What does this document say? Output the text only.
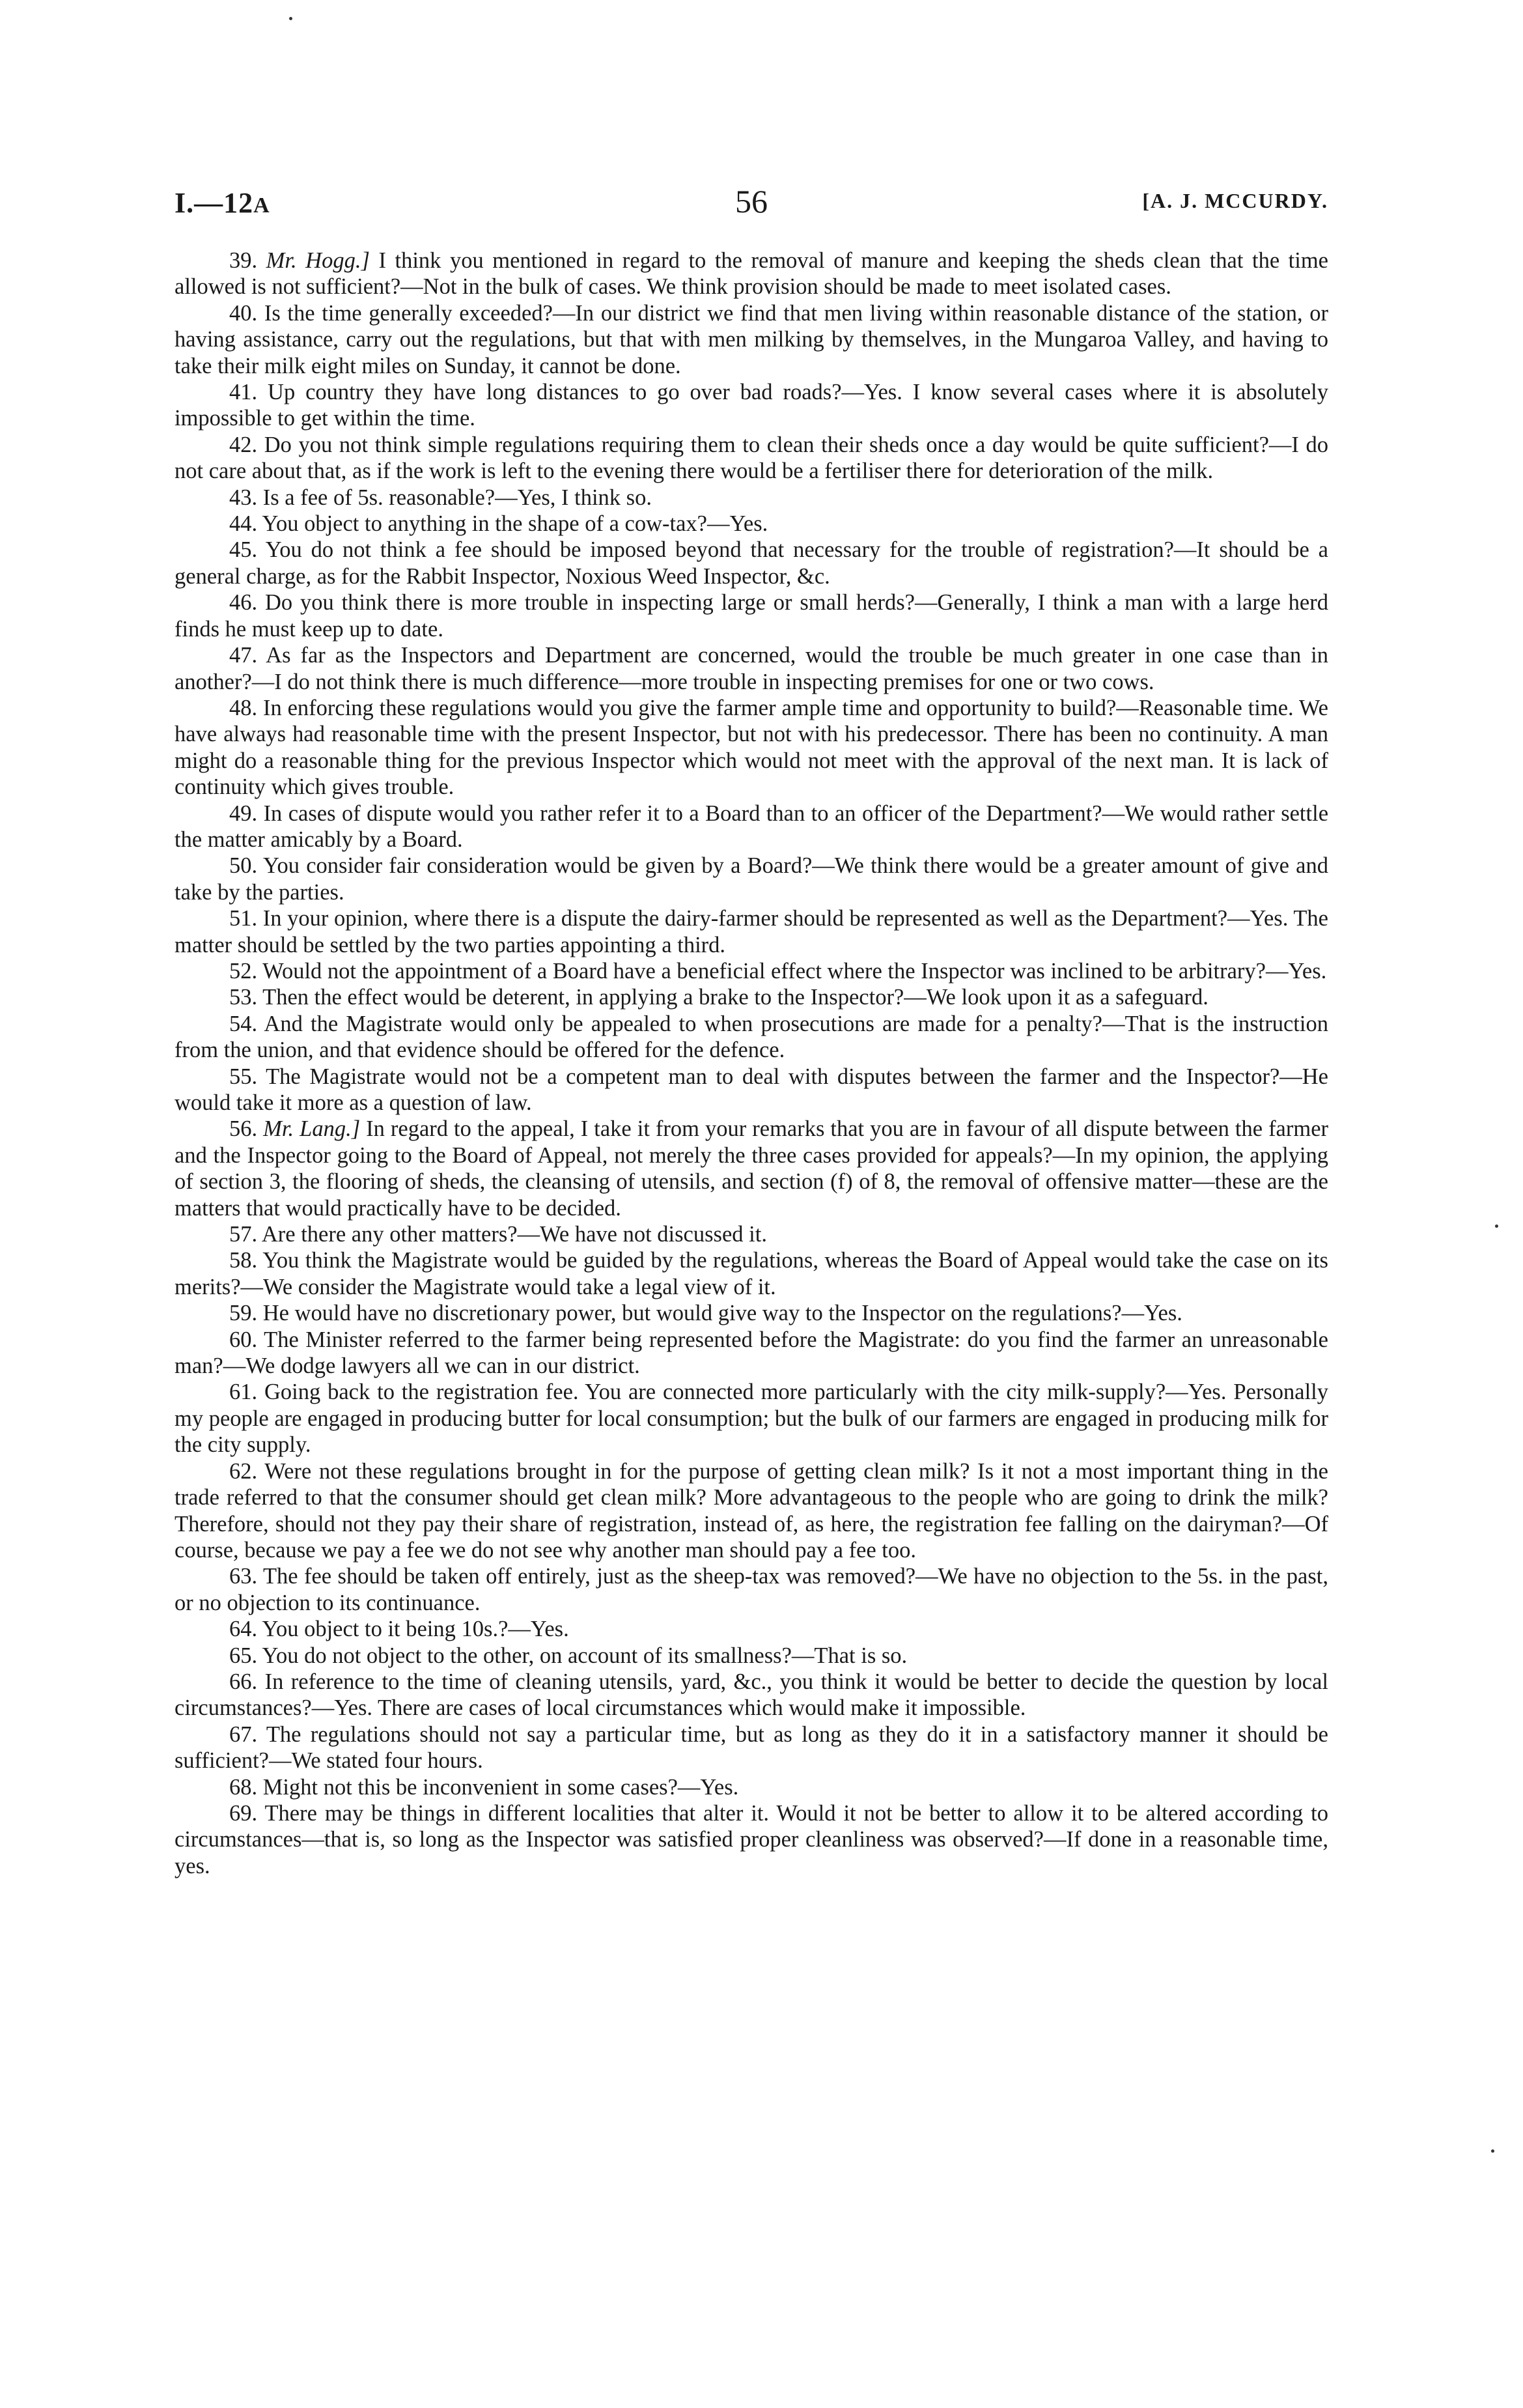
I.—12A	56	[A. J. MCCURDY.

39. Mr. Hogg.] I think you mentioned in regard to the removal of manure and keeping the sheds clean that the time allowed is not sufficient?—Not in the bulk of cases. We think provision should be made to meet isolated cases.

40. Is the time generally exceeded?—In our district we find that men living within reasonable distance of the station, or having assistance, carry out the regulations, but that with men milking by themselves, in the Mungaroa Valley, and having to take their milk eight miles on Sunday, it cannot be done.

41. Up country they have long distances to go over bad roads?—Yes. I know several cases where it is absolutely impossible to get within the time.

42. Do you not think simple regulations requiring them to clean their sheds once a day would be quite sufficient?—I do not care about that, as if the work is left to the evening there would be a fertiliser there for deterioration of the milk.

43. Is a fee of 5s. reasonable?—Yes, I think so.

44. You object to anything in the shape of a cow-tax?—Yes.

45. You do not think a fee should be imposed beyond that necessary for the trouble of registration?—It should be a general charge, as for the Rabbit Inspector, Noxious Weed Inspector, &c.

46. Do you think there is more trouble in inspecting large or small herds?—Generally, I think a man with a large herd finds he must keep up to date.

47. As far as the Inspectors and Department are concerned, would the trouble be much greater in one case than in another?—I do not think there is much difference—more trouble in inspecting premises for one or two cows.

48. In enforcing these regulations would you give the farmer ample time and opportunity to build?—Reasonable time. We have always had reasonable time with the present Inspector, but not with his predecessor. There has been no continuity. A man might do a reasonable thing for the previous Inspector which would not meet with the approval of the next man. It is lack of continuity which gives trouble.

49. In cases of dispute would you rather refer it to a Board than to an officer of the Department?—We would rather settle the matter amicably by a Board.

50. You consider fair consideration would be given by a Board?—We think there would be a greater amount of give and take by the parties.

51. In your opinion, where there is a dispute the dairy-farmer should be represented as well as the Department?—Yes. The matter should be settled by the two parties appointing a third.

52. Would not the appointment of a Board have a beneficial effect where the Inspector was inclined to be arbitrary?—Yes.

53. Then the effect would be deterent, in applying a brake to the Inspector?—We look upon it as a safeguard.

54. And the Magistrate would only be appealed to when prosecutions are made for a penalty?—That is the instruction from the union, and that evidence should be offered for the defence.

55. The Magistrate would not be a competent man to deal with disputes between the farmer and the Inspector?—He would take it more as a question of law.

56. Mr. Lang.] In regard to the appeal, I take it from your remarks that you are in favour of all dispute between the farmer and the Inspector going to the Board of Appeal, not merely the three cases provided for appeals?—In my opinion, the applying of section 3, the flooring of sheds, the cleansing of utensils, and section (f) of 8, the removal of offensive matter—these are the matters that would practically have to be decided.

57. Are there any other matters?—We have not discussed it.

58. You think the Magistrate would be guided by the regulations, whereas the Board of Appeal would take the case on its merits?—We consider the Magistrate would take a legal view of it.

59. He would have no discretionary power, but would give way to the Inspector on the regulations?—Yes.

60. The Minister referred to the farmer being represented before the Magistrate: do you find the farmer an unreasonable man?—We dodge lawyers all we can in our district.

61. Going back to the registration fee. You are connected more particularly with the city milk-supply?—Yes. Personally my people are engaged in producing butter for local consumption; but the bulk of our farmers are engaged in producing milk for the city supply.

62. Were not these regulations brought in for the purpose of getting clean milk? Is it not a most important thing in the trade referred to that the consumer should get clean milk? More advantageous to the people who are going to drink the milk? Therefore, should not they pay their share of registration, instead of, as here, the registration fee falling on the dairyman?—Of course, because we pay a fee we do not see why another man should pay a fee too.

63. The fee should be taken off entirely, just as the sheep-tax was removed?—We have no objection to the 5s. in the past, or no objection to its continuance.

64. You object to it being 10s.?—Yes.

65. You do not object to the other, on account of its smallness?—That is so.

66. In reference to the time of cleaning utensils, yard, &c., you think it would be better to decide the question by local circumstances?—Yes. There are cases of local circumstances which would make it impossible.

67. The regulations should not say a particular time, but as long as they do it in a satisfactory manner it should be sufficient?—We stated four hours.

68. Might not this be inconvenient in some cases?—Yes.

69. There may be things in different localities that alter it. Would it not be better to allow it to be altered according to circumstances—that is, so long as the Inspector was satisfied proper cleanliness was observed?—If done in a reasonable time, yes.
